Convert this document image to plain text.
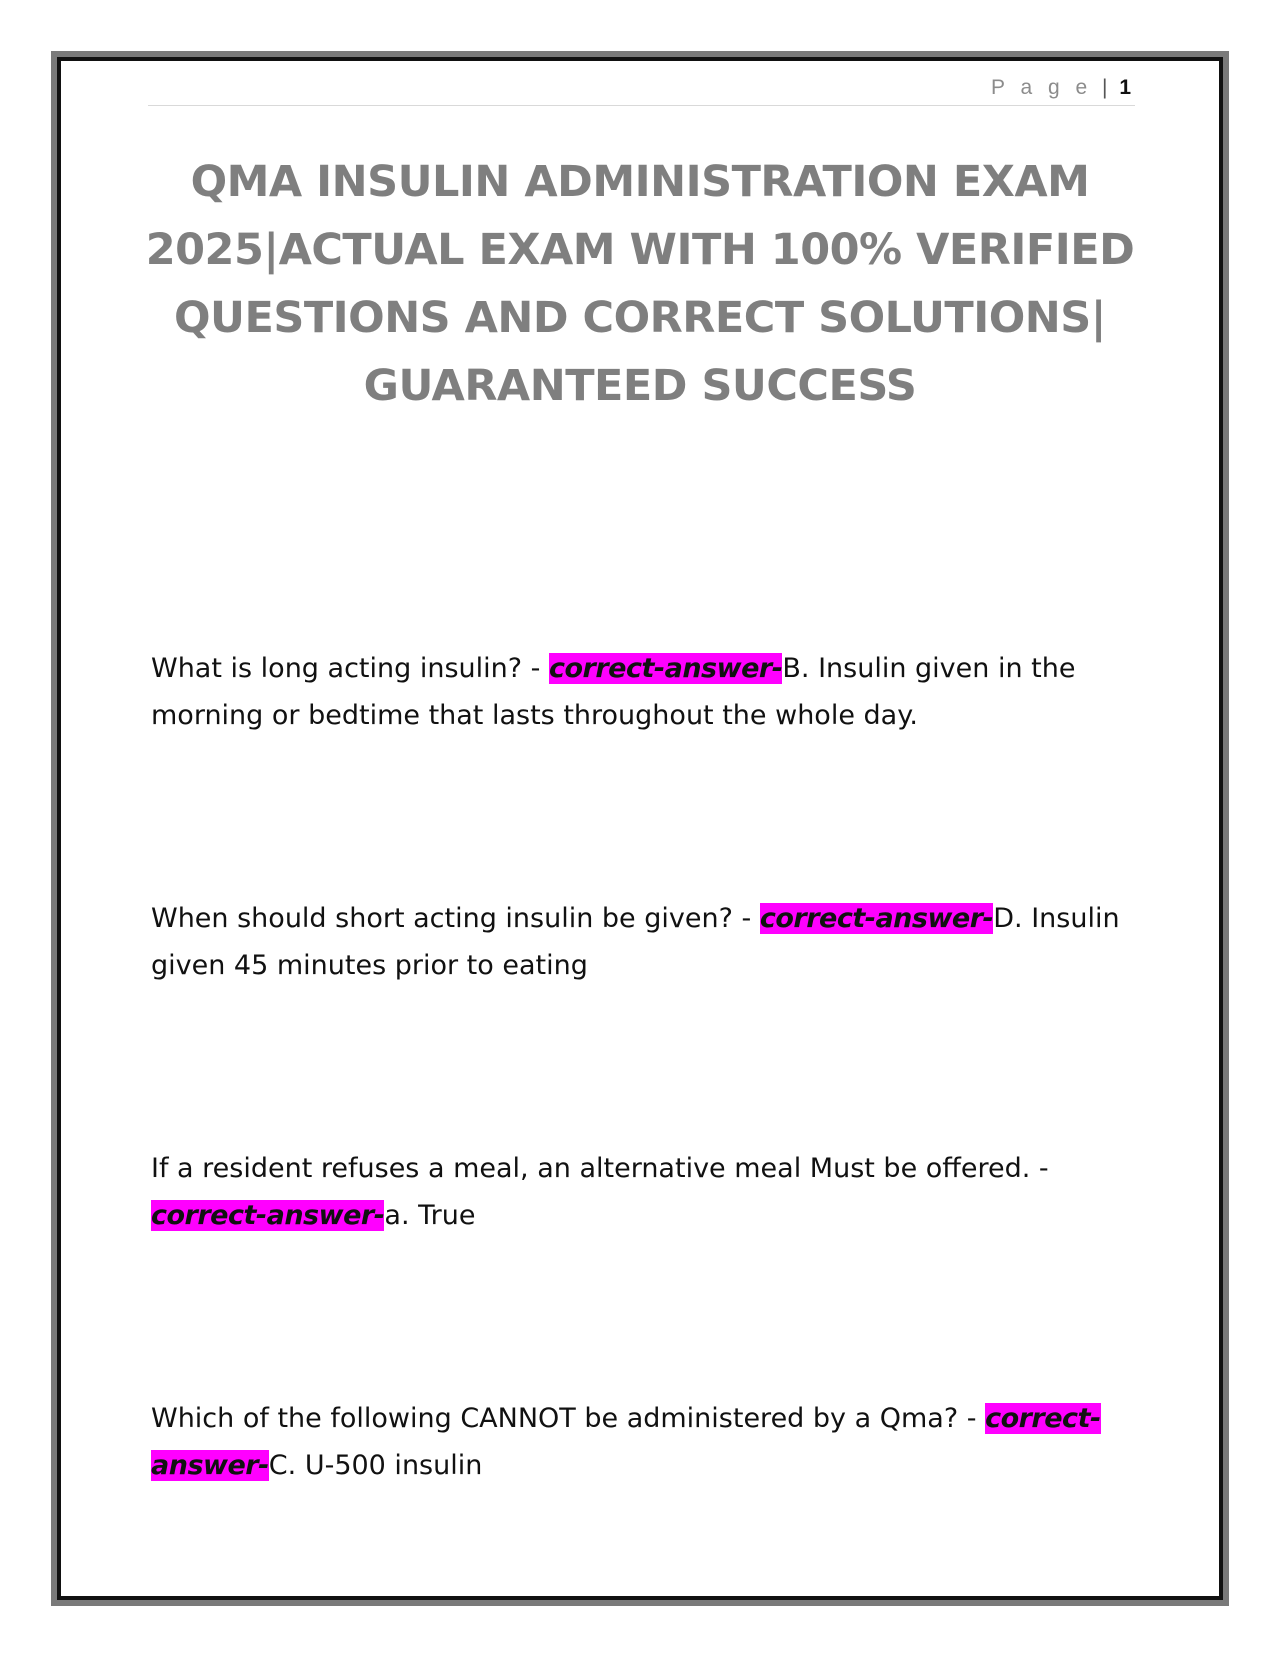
P a g e | 1
QMA INSULIN ADMINISTRATION EXAM
2025|ACTUAL EXAM WITH 100% VERIFIED
QUESTIONS AND CORRECT SOLUTIONS|
GUARANTEED SUCCESS

What is long acting insulin? - correct-answer-B. Insulin given in the morning or bedtime that lasts throughout the whole day.

When should short acting insulin be given? - correct-answer-D. Insulin given 45 minutes prior to eating

If a resident refuses a meal, an alternative meal Must be offered. - correct-answer-a. True

Which of the following CANNOT be administered by a Qma? - correct-answer-C. U-500 insulin
